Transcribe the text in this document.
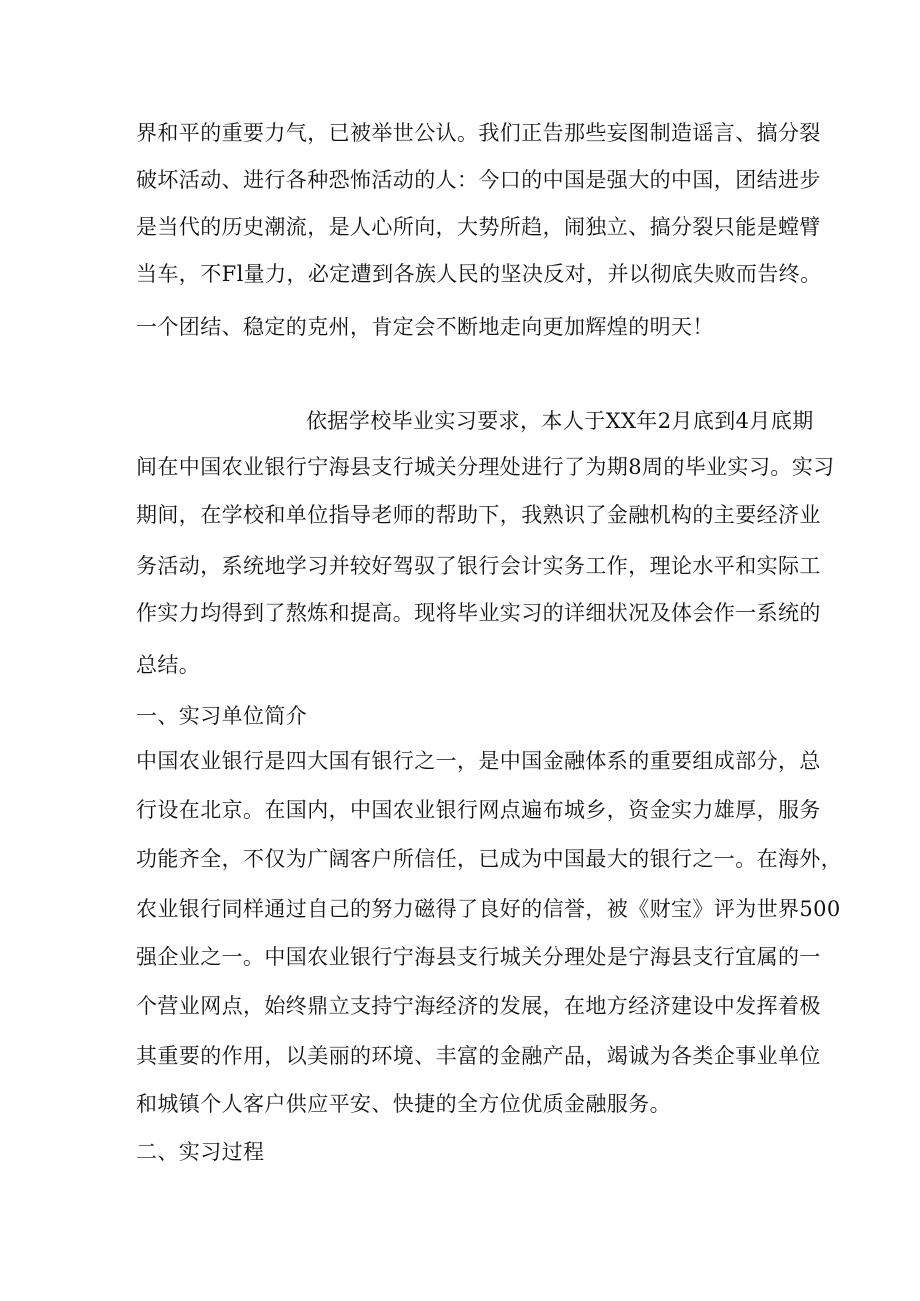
界和平的重要力气，已被举世公认。我们正告那些妄图制造谣言、搞分裂
破坏活动、进行各种恐怖活动的人：今口的中国是强大的中国，团结进步
是当代的历史潮流，是人心所向，大势所趋，闹独立、搞分裂只能是螳臂
当车，不Fl量力，必定遭到各族人民的坚决反对，并以彻底失败而告终。
一个团结、稳定的克州，肯定会不断地走向更加辉煌的明天！
依据学校毕业实习要求，本人于XX年2月底到4月底期
间在中国农业银行宁海县支行城关分理处进行了为期8周的毕业实习。实习
期间，在学校和单位指导老师的帮助下，我熟识了金融机构的主要经济业
务活动，系统地学习并较好驾驭了银行会计实务工作，理论水平和实际工
作实力均得到了熬炼和提高。现将毕业实习的详细状况及体会作一系统的
总结。
一、实习单位简介
中国农业银行是四大国有银行之一，是中国金融体系的重要组成部分，总
行设在北京。在国内，中国农业银行网点遍布城乡，资金实力雄厚，服务
功能齐全，不仅为广阔客户所信任，已成为中国最大的银行之一。在海外，
农业银行同样通过自己的努力磁得了良好的信誉，被《财宝》评为世界500
强企业之一。中国农业银行宁海县支行城关分理处是宁海县支行宜属的一
个营业网点，始终鼎立支持宁海经济的发展，在地方经济建设中发挥着极
其重要的作用，以美丽的环境、丰富的金融产品，竭诚为各类企事业单位
和城镇个人客户供应平安、快捷的全方位优质金融服务。
二、实习过程
